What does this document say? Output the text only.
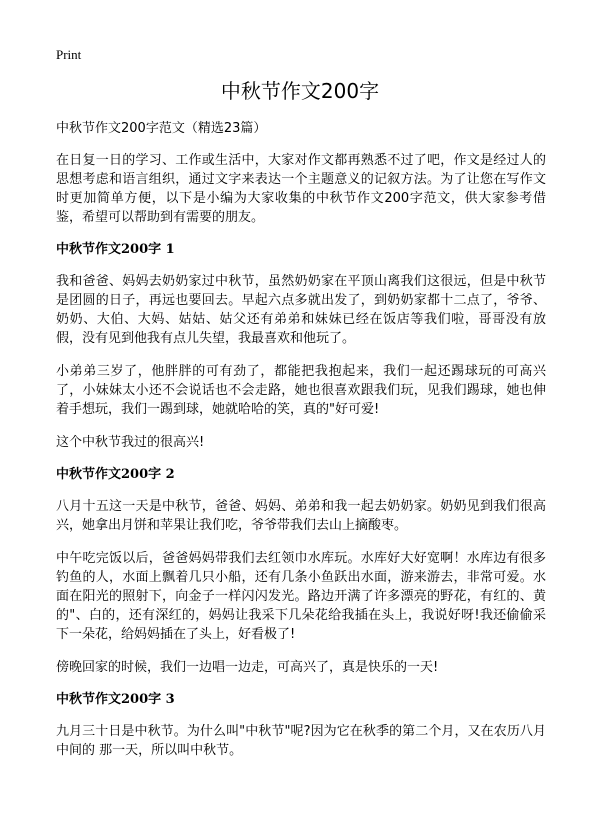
Print
中秋节作文200字

中秋节作文200字范文（精选23篇）

在日复一日的学习、工作或生活中，大家对作文都再熟悉不过了吧，作文是经过人的思想考虑和语言组织，通过文字来表达一个主题意义的记叙方法。为了让您在写作文时更加简单方便，以下是小编为大家收集的中秋节作文200字范文，供大家参考借鉴，希望可以帮助到有需要的朋友。

中秋节作文200字 1

我和爸爸、妈妈去奶奶家过中秋节，虽然奶奶家在平顶山离我们这很远，但是中秋节是团圆的日子，再远也要回去。早起六点多就出发了，到奶奶家都十二点了，爷爷、奶奶、大伯、大妈、姑姑、姑父还有弟弟和妹妹已经在饭店等我们啦，哥哥没有放假，没有见到他我有点儿失望，我最喜欢和他玩了。

小弟弟三岁了，他胖胖的可有劲了，都能把我抱起来，我们一起还踢球玩的可高兴了，小妹妹太小还不会说话也不会走路，她也很喜欢跟我们玩，见我们踢球，她也伸着手想玩，我们一踢到球，她就哈哈的笑，真的"好可爱!

这个中秋节我过的很高兴!

中秋节作文200字 2

八月十五这一天是中秋节，爸爸、妈妈、弟弟和我一起去奶奶家。奶奶见到我们很高兴，她拿出月饼和苹果让我们吃，爷爷带我们去山上摘酸枣。

中午吃完饭以后，爸爸妈妈带我们去红领巾水库玩。水库好大好宽啊！水库边有很多钓鱼的人，水面上飘着几只小船，还有几条小鱼跃出水面，游来游去，非常可爱。水面在阳光的照射下，向金子一样闪闪发光。路边开满了许多漂亮的野花，有红的、黄的"、白的，还有深红的，妈妈让我采下几朵花给我插在头上，我说好呀!我还偷偷采下一朵花，给妈妈插在了头上，好看极了!

傍晚回家的时候，我们一边唱一边走，可高兴了，真是快乐的一天!

中秋节作文200字 3

九月三十日是中秋节。为什么叫"中秋节"呢?因为它在秋季的第二个月，又在农历八月中间的 那一天，所以叫中秋节。
